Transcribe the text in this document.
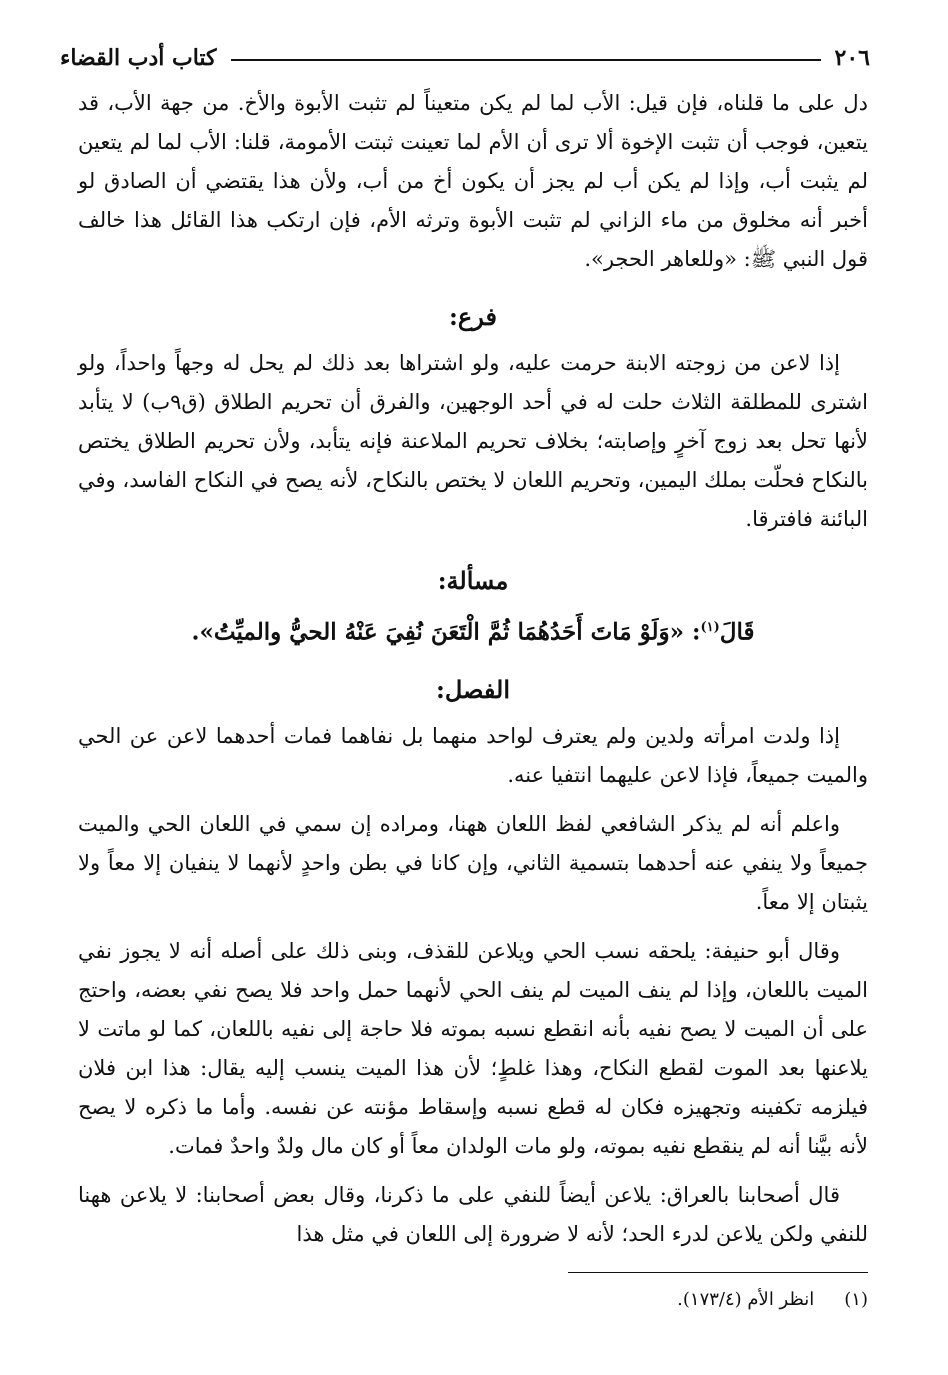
٢٠٦
كتاب أدب القضاء

دل على ما قلناه، فإن قيل: الأب لما لم يكن متعيناً لم تثبت الأبوة والأخ. من جهة الأب، قد يتعين، فوجب أن تثبت الإخوة ألا ترى أن الأم لما تعينت ثبتت الأمومة، قلنا: الأب لما لم يتعين لم يثبت أب، وإذا لم يكن أب لم يجز أن يكون أخ من أب، ولأن هذا يقتضي أن الصادق لو أخبر أنه مخلوق من ماء الزاني لم تثبت الأبوة وترثه الأم، فإن ارتكب هذا القائل هذا خالف قول النبي ﷺ: «وللعاهر الحجر».

فرع:

إذا لاعن من زوجته الابنة حرمت عليه، ولو اشتراها بعد ذلك لم يحل له وجهاً واحداً، ولو اشترى للمطلقة الثلاث حلت له في أحد الوجهين، والفرق أن تحريم الطلاق (ق٩ب) لا يتأبد لأنها تحل بعد زوج آخرٍ وإصابته؛ بخلاف تحريم الملاعنة فإنه يتأبد، ولأن تحريم الطلاق يختص بالنكاح فحلّت بملك اليمين، وتحريم اللعان لا يختص بالنكاح، لأنه يصح في النكاح الفاسد، وفي البائنة فافترقا.

مسألة:
قَالَ$^{(١)}$: «وَلَوْ مَاتَ أَحَدُهُمَا ثُمَّ الْتَعَنَ نُفِيَ عَنْهُ الحيُّ والميِّتُ».
الفصل:

إذا ولدت امرأته ولدين ولم يعترف لواحد منهما بل نفاهما فمات أحدهما لاعن عن الحي والميت جميعاً، فإذا لاعن عليهما انتفيا عنه.

واعلم أنه لم يذكر الشافعي لفظ اللعان ههنا، ومراده إن سمي في اللعان الحي والميت جميعاً ولا ينفي عنه أحدهما بتسمية الثاني، وإن كانا في بطن واحدٍ لأنهما لا ينفيان إلا معاً ولا يثبتان إلا معاً.

وقال أبو حنيفة: يلحقه نسب الحي ويلاعن للقذف، وبنى ذلك على أصله أنه لا يجوز نفي الميت باللعان، وإذا لم ينف الميت لم ينف الحي لأنهما حمل واحد فلا يصح نفي بعضه، واحتج على أن الميت لا يصح نفيه بأنه انقطع نسبه بموته فلا حاجة إلى نفيه باللعان، كما لو ماتت لا يلاعنها بعد الموت لقطع النكاح، وهذا غلطٍ؛ لأن هذا الميت ينسب إليه يقال: هذا ابن فلان فيلزمه تكفينه وتجهيزه فكان له قطع نسبه وإسقاط مؤنته عن نفسه. وأما ما ذكره لا يصح لأنه بيَّنا أنه لم ينقطع نفيه بموته، ولو مات الولدان معاً أو كان مال ولدٌ واحدٌ فمات.

قال أصحابنا بالعراق: يلاعن أيضاً للنفي على ما ذكرنا، وقال بعض أصحابنا: لا يلاعن ههنا للنفي ولكن يلاعن لدرء الحد؛ لأنه لا ضرورة إلى اللعان في مثل هذا

(١)
انظر الأم (١٧٣/٤).
